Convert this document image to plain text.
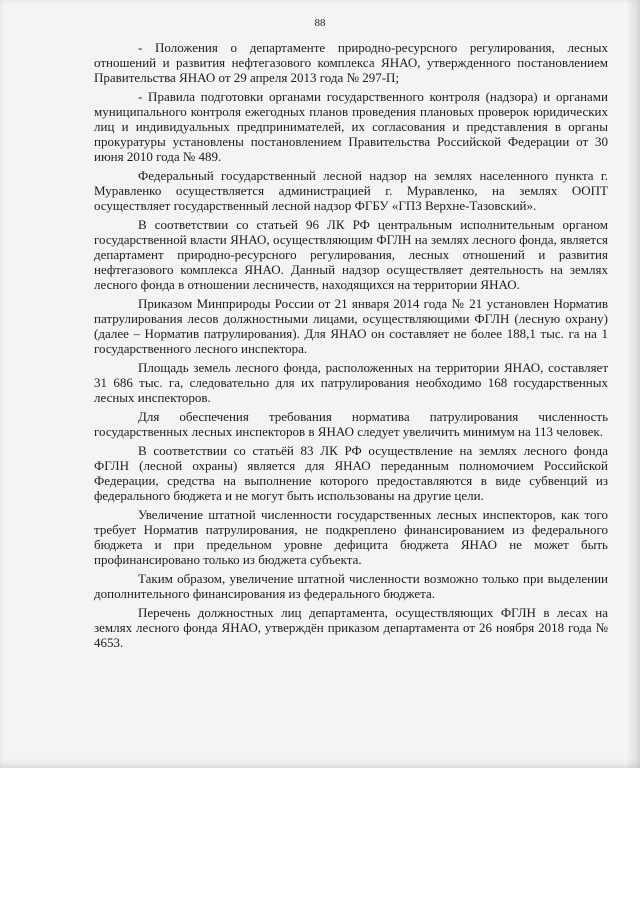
88

- Положения о департаменте природно-ресурсного регулирования, лесных отношений и развития нефтегазового комплекса ЯНАО, утвержденного постановлением Правительства ЯНАО от 29 апреля 2013 года № 297-П;

- Правила подготовки органами государственного контроля (надзора) и органами муниципального контроля ежегодных планов проведения плановых проверок юридических лиц и индивидуальных предпринимателей, их согласования и представления в органы прокуратуры установлены постановлением Правительства Российской Федерации от 30 июня 2010 года № 489.

Федеральный государственный лесной надзор на землях населенного пункта г. Муравленко осуществляется администрацией г. Муравленко, на землях ООПТ осуществляет государственный лесной надзор ФГБУ «ГПЗ Верхне-Тазовский».

В соответствии со статьей 96 ЛК РФ центральным исполнительным органом государственной власти ЯНАО, осуществляющим ФГЛН на землях лесного фонда, является департамент природно-ресурсного регулирования, лесных отношений и развития нефтегазового комплекса ЯНАО. Данный надзор осуществляет деятельность на землях лесного фонда в отношении лесничеств, находящихся на территории ЯНАО.

Приказом Минприроды России от 21 января 2014 года № 21 установлен Норматив патрулирования лесов должностными лицами, осуществляющими ФГЛН (лесную охрану) (далее – Норматив патрулирования). Для ЯНАО он составляет не более 188,1 тыс. га на 1 государственного лесного инспектора.

Площадь земель лесного фонда, расположенных на территории ЯНАО, составляет 31 686 тыс. га, следовательно для их патрулирования необходимо 168 государственных лесных инспекторов.

Для обеспечения требования норматива патрулирования численность государственных лесных инспекторов в ЯНАО следует увеличить минимум на 113 человек.

В соответствии со статьёй 83 ЛК РФ осуществление на землях лесного фонда ФГЛН (лесной охраны) является для ЯНАО переданным полномочием Российской Федерации, средства на выполнение которого предоставляются в виде субвенций из федерального бюджета и не могут быть использованы на другие цели.

Увеличение штатной численности государственных лесных инспекторов, как того требует Норматив патрулирования, не подкреплено финансированием из федерального бюджета и при предельном уровне дефицита бюджета ЯНАО не может быть профинансировано только из бюджета субъекта.

Таким образом, увеличение штатной численности возможно только при выделении дополнительного финансирования из федерального бюджета.

Перечень должностных лиц департамента, осуществляющих ФГЛН в лесах на землях лесного фонда ЯНАО, утверждён приказом департамента от 26 ноября 2018 года № 4653.
